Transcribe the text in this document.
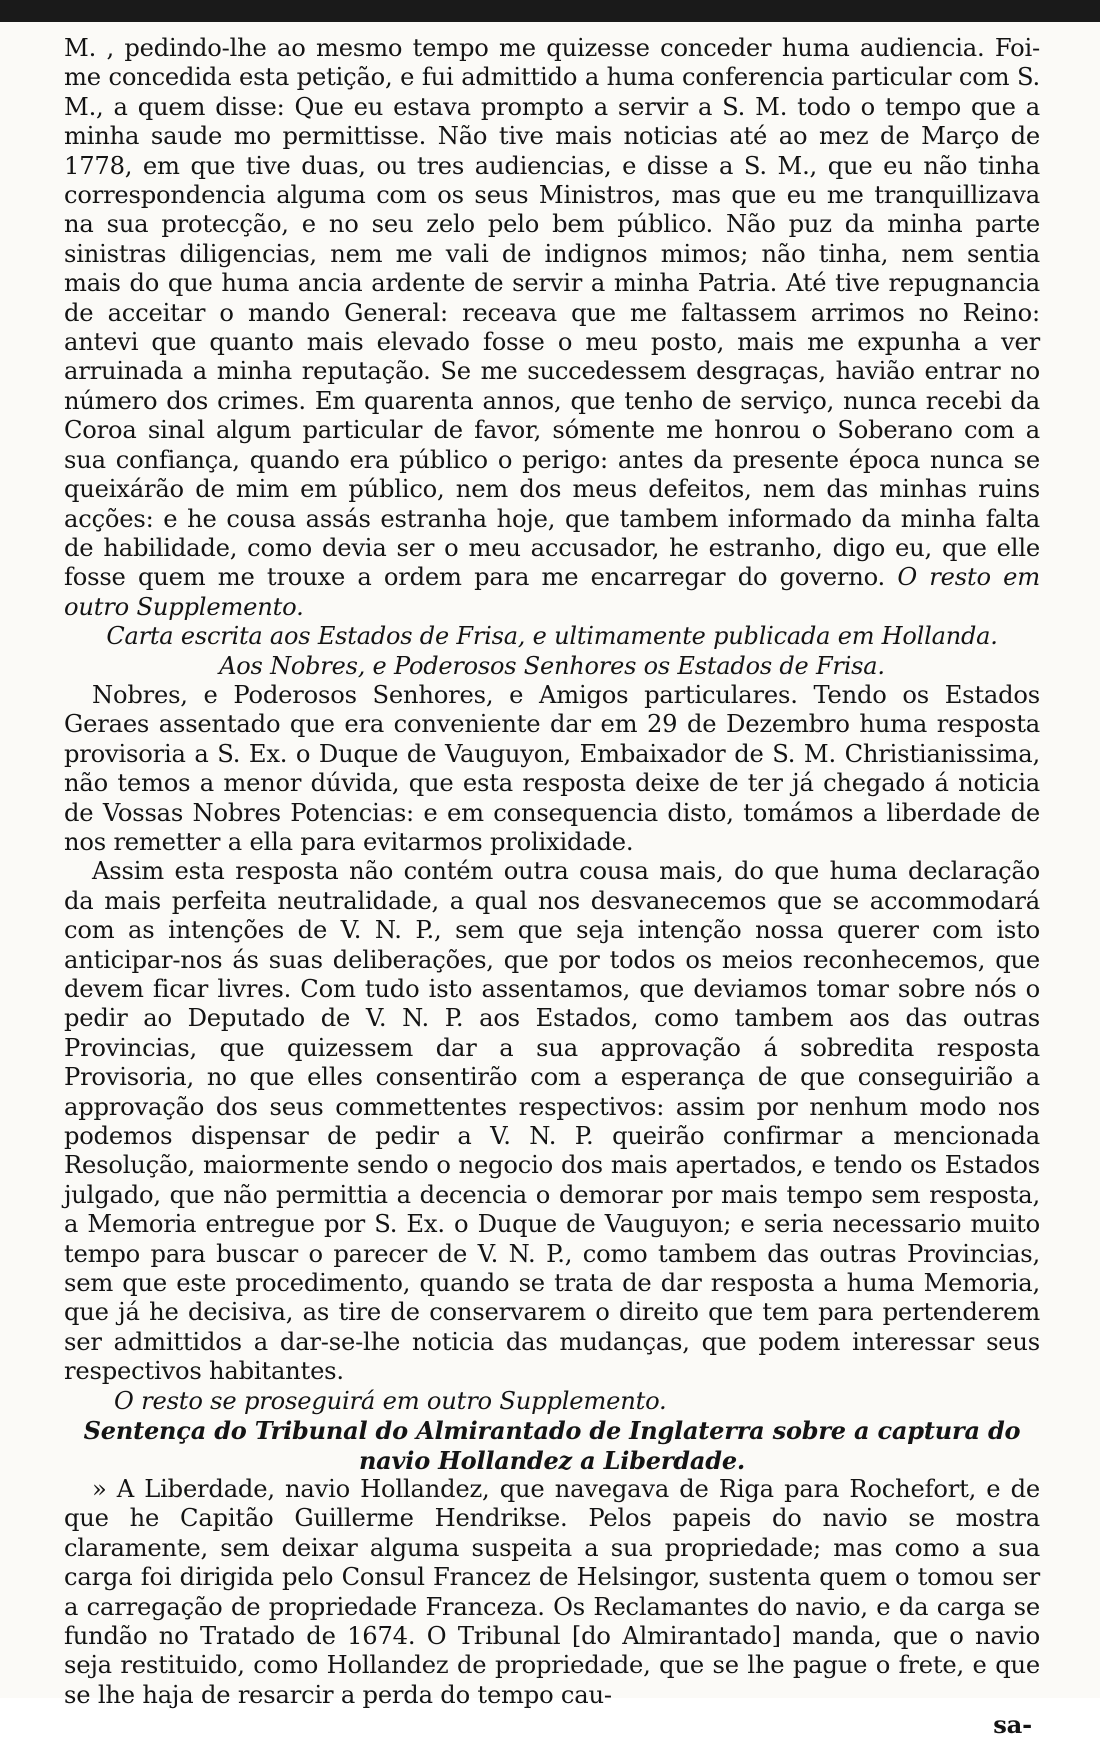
M. , pedindo-lhe ao mesmo tempo me quizesse conceder huma audiencia. Foi-me concedida esta petição, e fui admittido a huma conferencia particular com S. M., a quem disse: Que eu estava prompto a servir a S. M. todo o tempo que a minha saude mo permittisse. Não tive mais noticias até ao mez de Março de 1778, em que tive duas, ou tres audiencias, e disse a S. M., que eu não tinha correspondencia alguma com os seus Ministros, mas que eu me tranquillizava na sua protecção, e no seu zelo pelo bem público. Não puz da minha parte sinistras diligencias, nem me vali de indignos mimos; não tinha, nem sentia mais do que huma ancia ardente de servir a minha Patria. Até tive repugnancia de acceitar o mando General: receava que me faltassem arrimos no Reino: antevi que quanto mais elevado fosse o meu posto, mais me expunha a ver arruinada a minha reputação. Se me succedessem desgraças, havião entrar no número dos crimes. Em quarenta annos, que tenho de serviço, nunca recebi da Coroa sinal algum particular de favor, sómente me honrou o Soberano com a sua confiança, quando era público o perigo: antes da presente época nunca se queixárão de mim em público, nem dos meus defeitos, nem das minhas ruins acções: e he cousa assás estranha hoje, que tambem informado da minha falta de habilidade, como devia ser o meu accusador, he estranho, digo eu, que elle fosse quem me trouxe a ordem para me encarregar do governo. O resto em outro Supplemento.

Carta escrita aos Estados de Frisa, e ultimamente publicada em Hollanda.

Aos Nobres, e Poderosos Senhores os Estados de Frisa.

Nobres, e Poderosos Senhores, e Amigos particulares. Tendo os Estados Geraes assentado que era conveniente dar em 29 de Dezembro huma resposta provisoria a S. Ex. o Duque de Vauguyon, Embaixador de S. M. Christianissima, não temos a menor dúvida, que esta resposta deixe de ter já chegado á noticia de Vossas Nobres Potencias: e em consequencia disto, tomámos a liberdade de nos remetter a ella para evitarmos prolixidade.

Assim esta resposta não contém outra cousa mais, do que huma declaração da mais perfeita neutralidade, a qual nos desvanecemos que se accommodará com as intenções de V. N. P., sem que seja intenção nossa querer com isto anticipar-nos ás suas deliberações, que por todos os meios reconhecemos, que devem ficar livres. Com tudo isto assentamos, que deviamos tomar sobre nós o pedir ao Deputado de V. N. P. aos Estados, como tambem aos das outras Provincias, que quizessem dar a sua approvação á sobredita resposta Provisoria, no que elles consentirão com a esperança de que conseguirião a approvação dos seus commettentes respectivos: assim por nenhum modo nos podemos dispensar de pedir a V. N. P. queirão confirmar a mencionada Resolução, maiormente sendo o negocio dos mais apertados, e tendo os Estados julgado, que não permittia a decencia o demorar por mais tempo sem resposta, a Memoria entregue por S. Ex. o Duque de Vauguyon; e seria necessario muito tempo para buscar o parecer de V. N. P., como tambem das outras Provincias, sem que este procedimento, quando se trata de dar resposta a huma Memoria, que já he decisiva, as tire de conservarem o direito que tem para pertenderem ser admittidos a dar-se-lhe noticia das mudanças, que podem interessar seus respectivos habitantes.

O resto se proseguirá em outro Supplemento.

Sentença do Tribunal do Almirantado de Inglaterra sobre a captura do navio Hollandez a Liberdade.

» A Liberdade, navio Hollandez, que navegava de Riga para Rochefort, e de que he Capitão Guillerme Hendrikse. Pelos papeis do navio se mostra claramente, sem deixar alguma suspeita a sua propriedade; mas como a sua carga foi dirigida pelo Consul Francez de Helsingor, sustenta quem o tomou ser a carregação de propriedade Franceza. Os Reclamantes do navio, e da carga se fundão no Tratado de 1674. O Tribunal [do Almirantado] manda, que o navio seja restituido, como Hollandez de propriedade, que se lhe pague o frete, e que se lhe haja de resarcir a perda do tempo cau-

sa-
